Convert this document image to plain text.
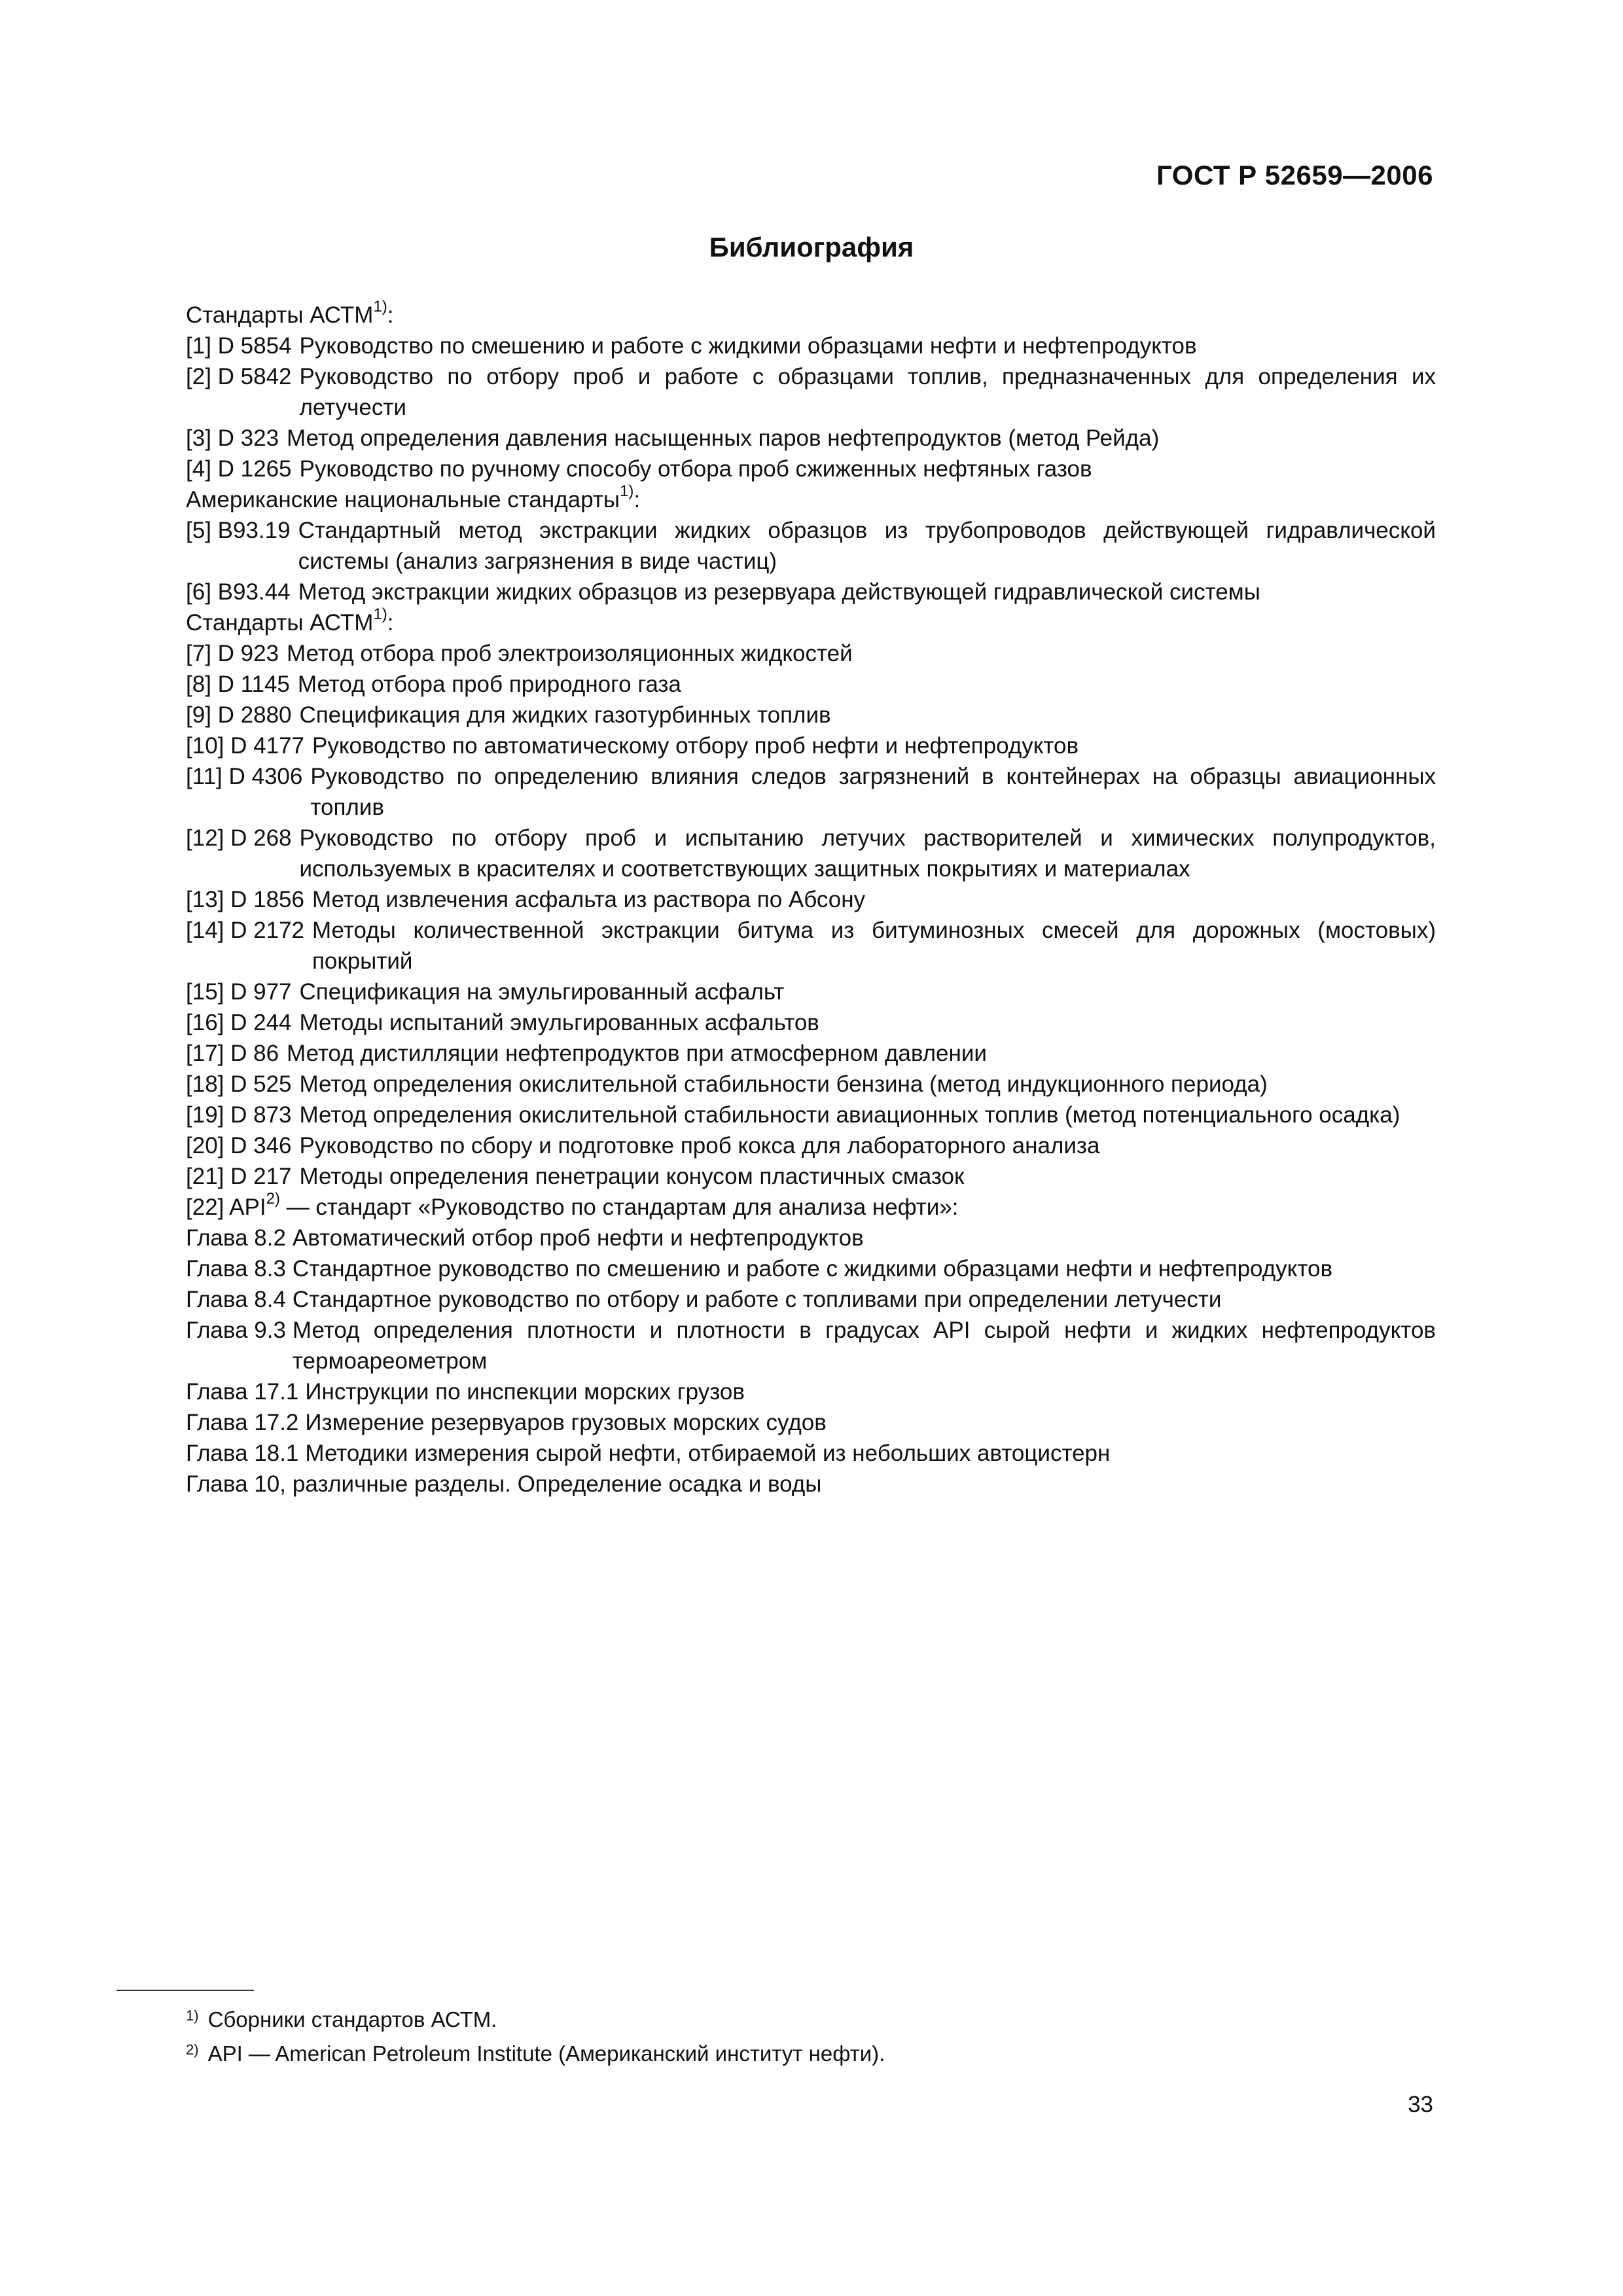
ГОСТ Р 52659—2006
Библиография
Стандарты АСТМ$^{1)}$:
[1] D 5854 Руководство по смешению и работе с жидкими образцами нефти и нефтепродуктов
[2] D 5842 Руководство по отбору проб и работе с образцами топлив, предназначенных для определения их летучести
[3] D 323 Метод определения давления насыщенных паров нефтепродуктов (метод Рейда)
[4] D 1265 Руководство по ручному способу отбора проб сжиженных нефтяных газов
Американские национальные стандарты$^{1)}$:
[5] B93.19 Стандартный метод экстракции жидких образцов из трубопроводов действующей гидравлической системы (анализ загрязнения в виде частиц)
[6] B93.44 Метод экстракции жидких образцов из резервуара действующей гидравлической системы
Стандарты АСТМ$^{1)}$:
[7] D 923 Метод отбора проб электроизоляционных жидкостей
[8] D 1145 Метод отбора проб природного газа
[9] D 2880 Спецификация для жидких газотурбинных топлив
[10] D 4177 Руководство по автоматическому отбору проб нефти и нефтепродуктов
[11] D 4306 Руководство по определению влияния следов загрязнений в контейнерах на образцы авиационных топлив
[12] D 268 Руководство по отбору проб и испытанию летучих растворителей и химических полупродуктов, используемых в красителях и соответствующих защитных покрытиях и материалах
[13] D 1856 Метод извлечения асфальта из раствора по Абсону
[14] D 2172 Методы количественной экстракции битума из битуминозных смесей для дорожных (мостовых) покрытий
[15] D 977 Спецификация на эмульгированный асфальт
[16] D 244 Методы испытаний эмульгированных асфальтов
[17] D 86 Метод дистилляции нефтепродуктов при атмосферном давлении
[18] D 525 Метод определения окислительной стабильности бензина (метод индукционного периода)
[19] D 873 Метод определения окислительной стабильности авиационных топлив (метод потенциального осадка)
[20] D 346 Руководство по сбору и подготовке проб кокса для лабораторного анализа
[21] D 217 Методы определения пенетрации конусом пластичных смазок
[22] API$^{2)}$ — стандарт «Руководство по стандартам для анализа нефти»:
Глава 8.2 Автоматический отбор проб нефти и нефтепродуктов
Глава 8.3 Стандартное руководство по смешению и работе с жидкими образцами нефти и нефтепродуктов
Глава 8.4 Стандартное руководство по отбору и работе с топливами при определении летучести
Глава 9.3 Метод определения плотности и плотности в градусах API сырой нефти и жидких нефтепродуктов термоареометром
Глава 17.1 Инструкции по инспекции морских грузов
Глава 17.2 Измерение резервуаров грузовых морских судов
Глава 18.1 Методики измерения сырой нефти, отбираемой из небольших автоцистерн
Глава 10, различные разделы. Определение осадка и воды
1) Сборники стандартов АСТМ.
2) API — American Petroleum Institute (Американский институт нефти).
33
